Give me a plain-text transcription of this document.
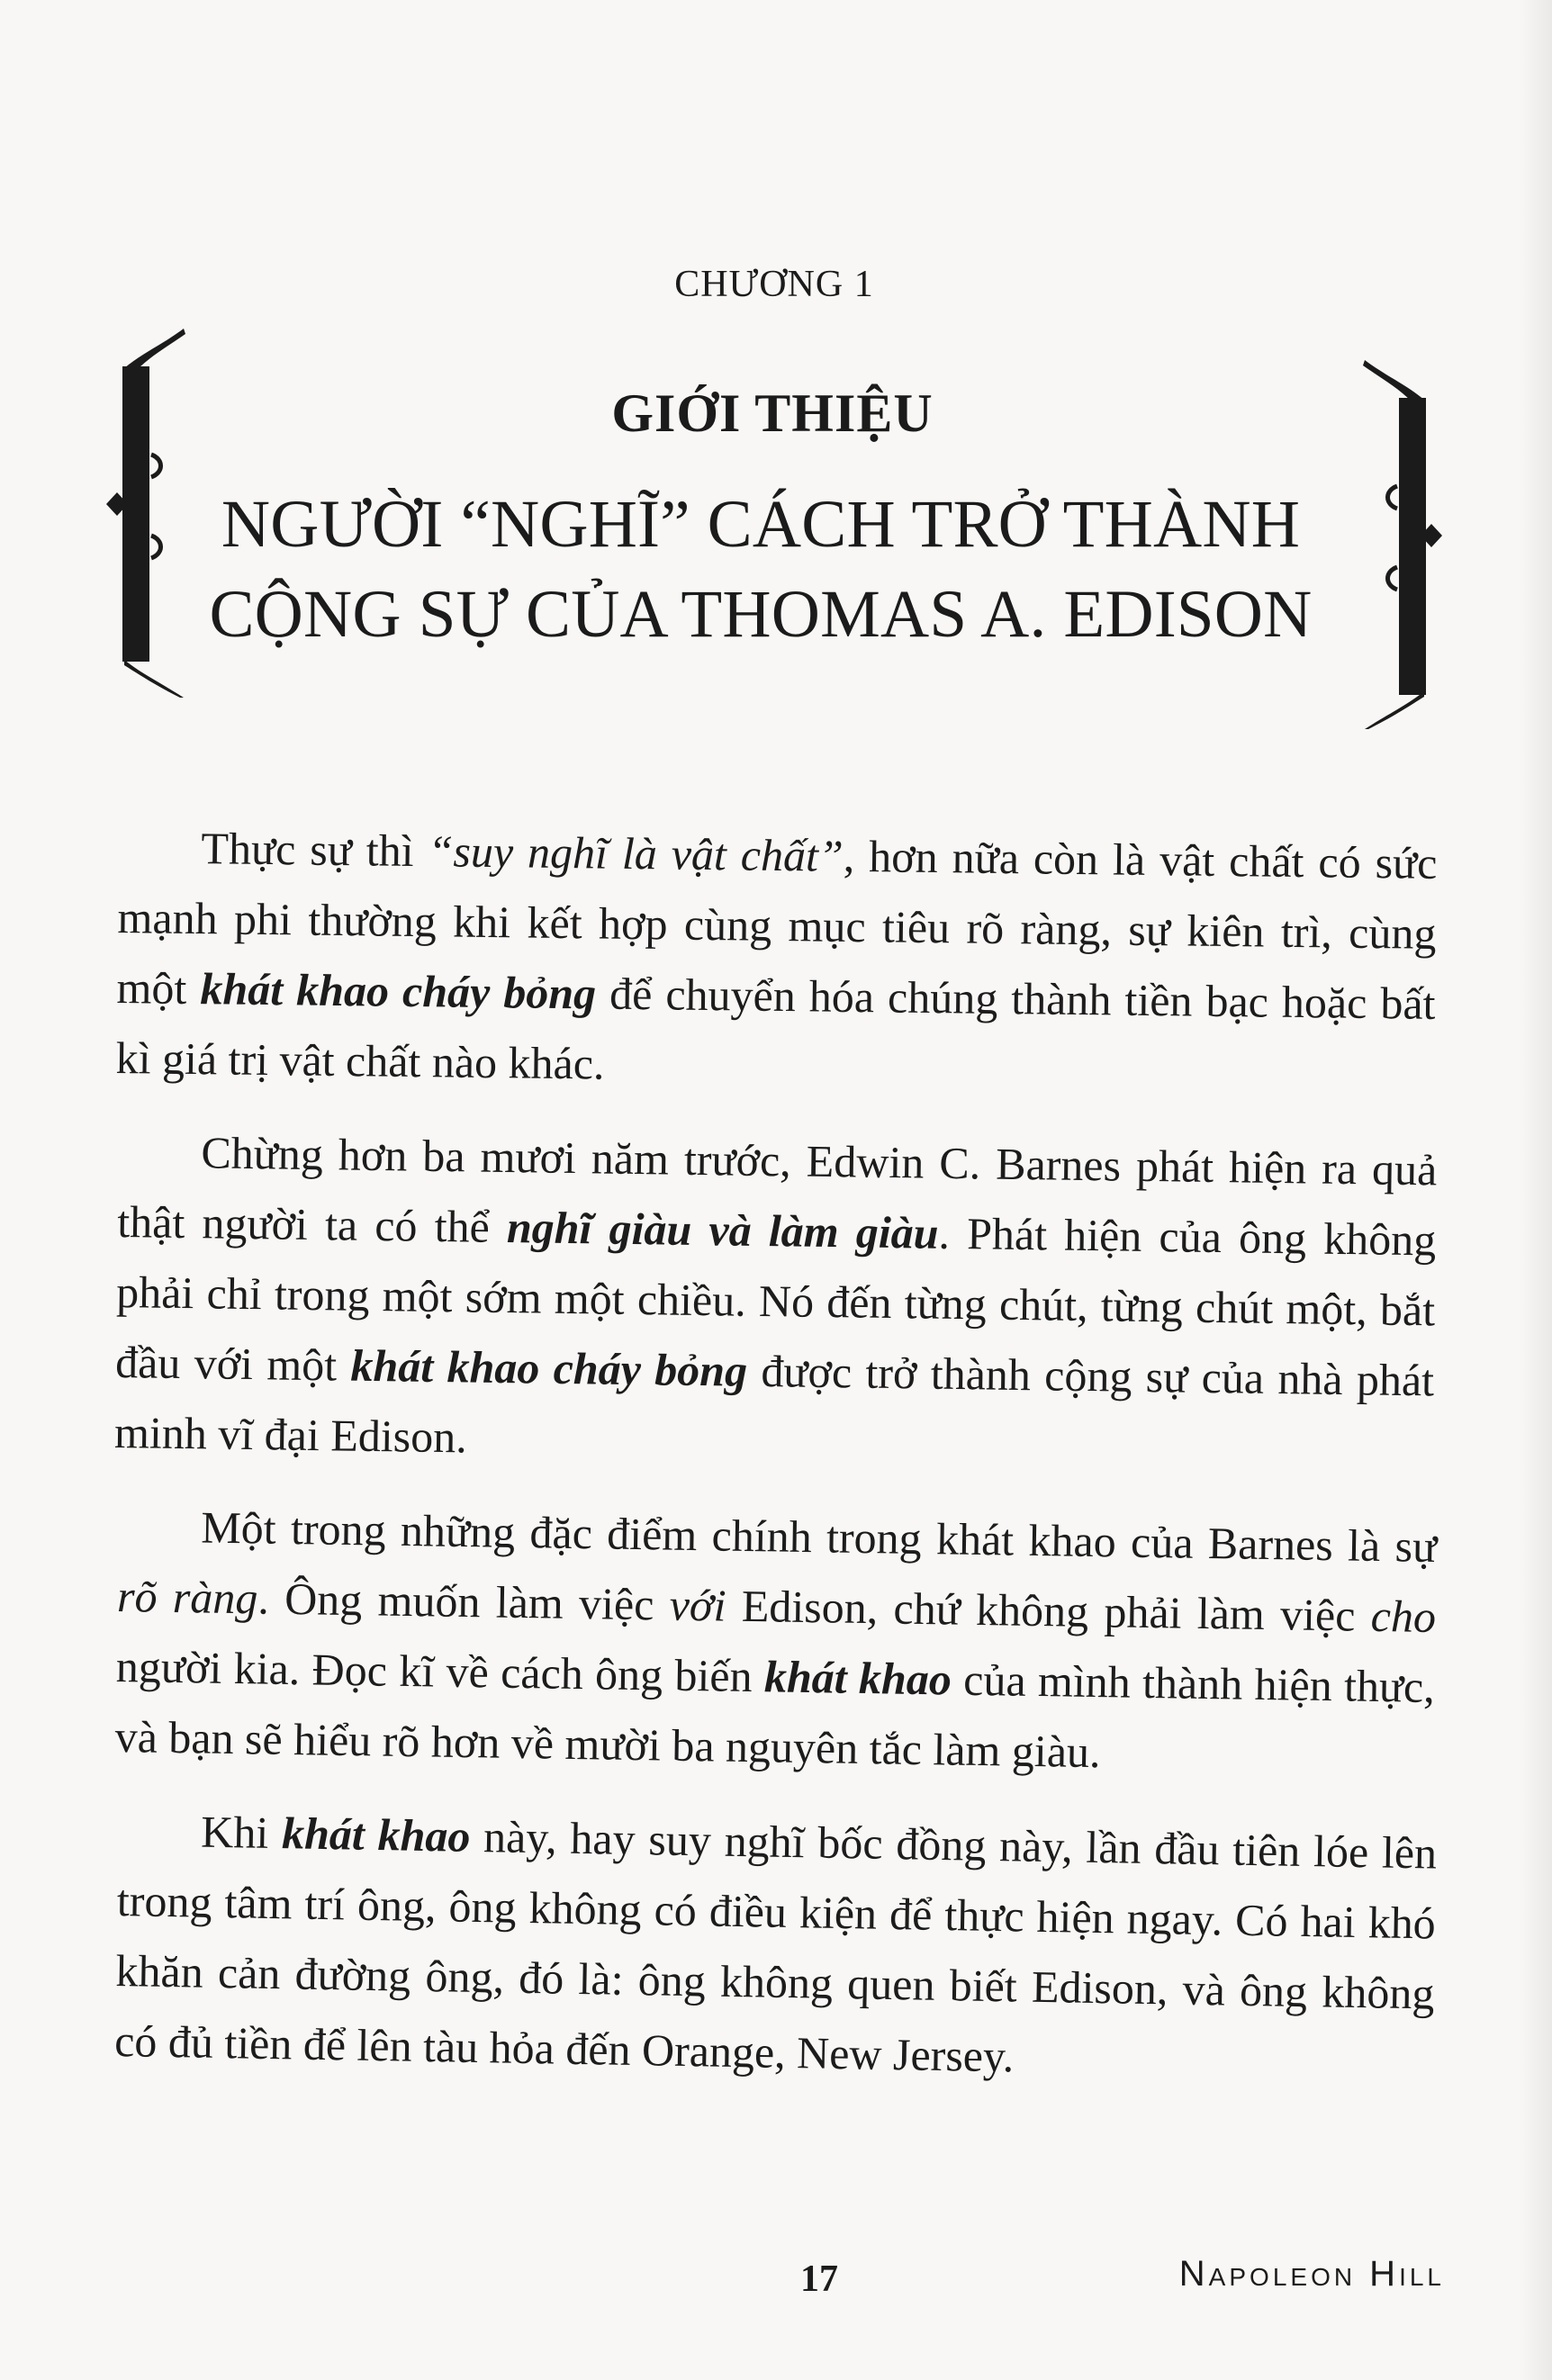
CHƯƠNG 1
GIỚI THIỆU
NGƯỜI “NGHĨ” CÁCH TRỞ THÀNH
CỘNG SỰ CỦA THOMAS A. EDISON

Thực sự thì “suy nghĩ là vật chất”, hơn nữa còn là vật chất có sức mạnh phi thường khi kết hợp cùng mục tiêu rõ ràng, sự kiên trì, cùng một khát khao cháy bỏng để chuyển hóa chúng thành tiền bạc hoặc bất kì giá trị vật chất nào khác.

Chừng hơn ba mươi năm trước, Edwin C. Barnes phát hiện ra quả thật người ta có thể nghĩ giàu và làm giàu. Phát hiện của ông không phải chỉ trong một sớm một chiều. Nó đến từng chút, từng chút một, bắt đầu với một khát khao cháy bỏng được trở thành cộng sự của nhà phát minh vĩ đại Edison.

Một trong những đặc điểm chính trong khát khao của Barnes là sự rõ ràng. Ông muốn làm việc với Edison, chứ không phải làm việc cho người kia. Đọc kĩ về cách ông biến khát khao của mình thành hiện thực, và bạn sẽ hiểu rõ hơn về mười ba nguyên tắc làm giàu.

Khi khát khao này, hay suy nghĩ bốc đồng này, lần đầu tiên lóe lên trong tâm trí ông, ông không có điều kiện để thực hiện ngay. Có hai khó khăn cản đường ông, đó là: ông không quen biết Edison, và ông không có đủ tiền để lên tàu hỏa đến Orange, New Jersey.

17	Napoleon Hill
